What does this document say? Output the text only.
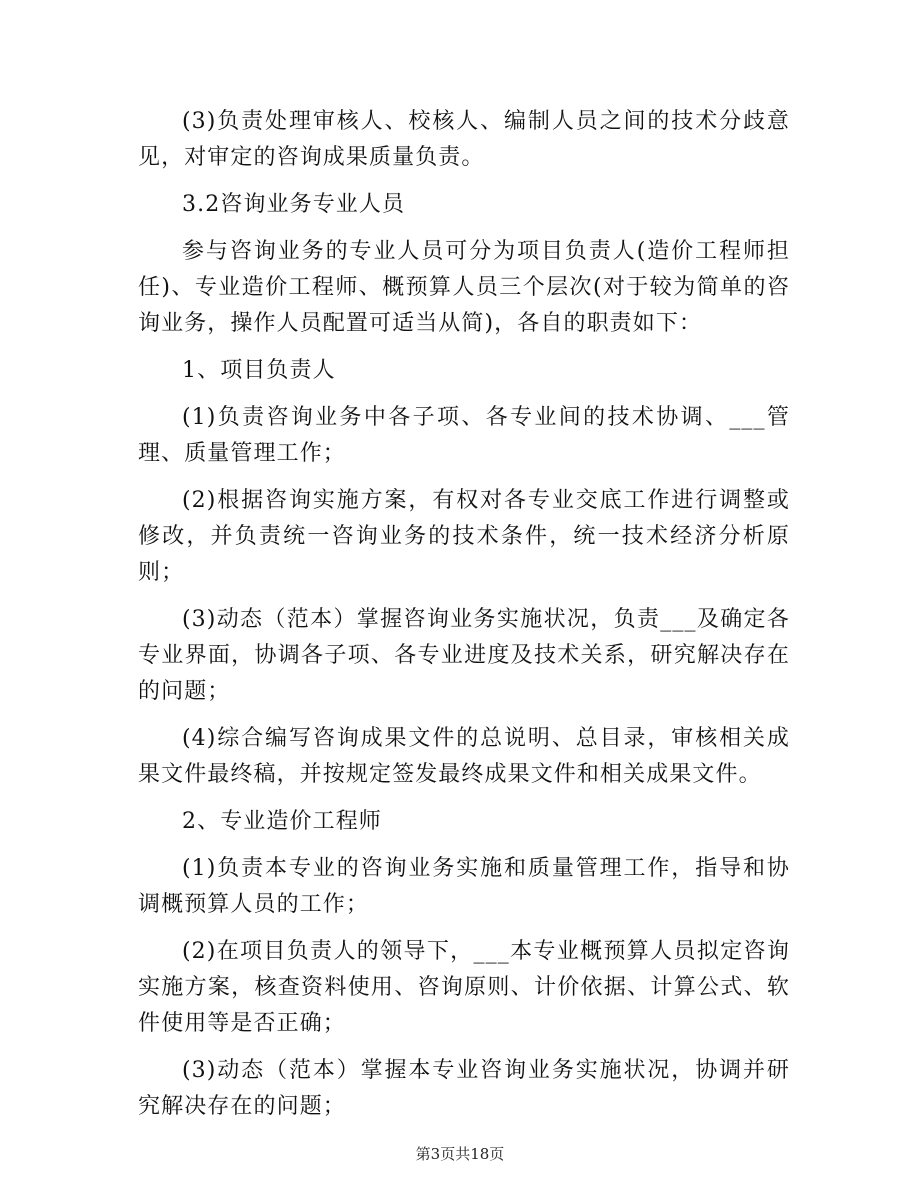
(3)负责处理审核人、校核人、编制人员之间的技术分歧意见，对审定的咨询成果质量负责。

3.2咨询业务专业人员

参与咨询业务的专业人员可分为项目负责人(造价工程师担任)、专业造价工程师、概预算人员三个层次(对于较为简单的咨询业务，操作人员配置可适当从简)，各自的职责如下：

1、项目负责人

(1)负责咨询业务中各子项、各专业间的技术协调、___管理、质量管理工作；

(2)根据咨询实施方案，有权对各专业交底工作进行调整或修改，并负责统一咨询业务的技术条件，统一技术经济分析原则；

(3)动态（范本）掌握咨询业务实施状况，负责___及确定各专业界面，协调各子项、各专业进度及技术关系，研究解决存在的问题；

(4)综合编写咨询成果文件的总说明、总目录，审核相关成果文件最终稿，并按规定签发最终成果文件和相关成果文件。

2、专业造价工程师

(1)负责本专业的咨询业务实施和质量管理工作，指导和协调概预算人员的工作；

(2)在项目负责人的领导下，___本专业概预算人员拟定咨询实施方案，核查资料使用、咨询原则、计价依据、计算公式、软件使用等是否正确；

(3)动态（范本）掌握本专业咨询业务实施状况，协调并研究解决存在的问题；

第3页共18页
